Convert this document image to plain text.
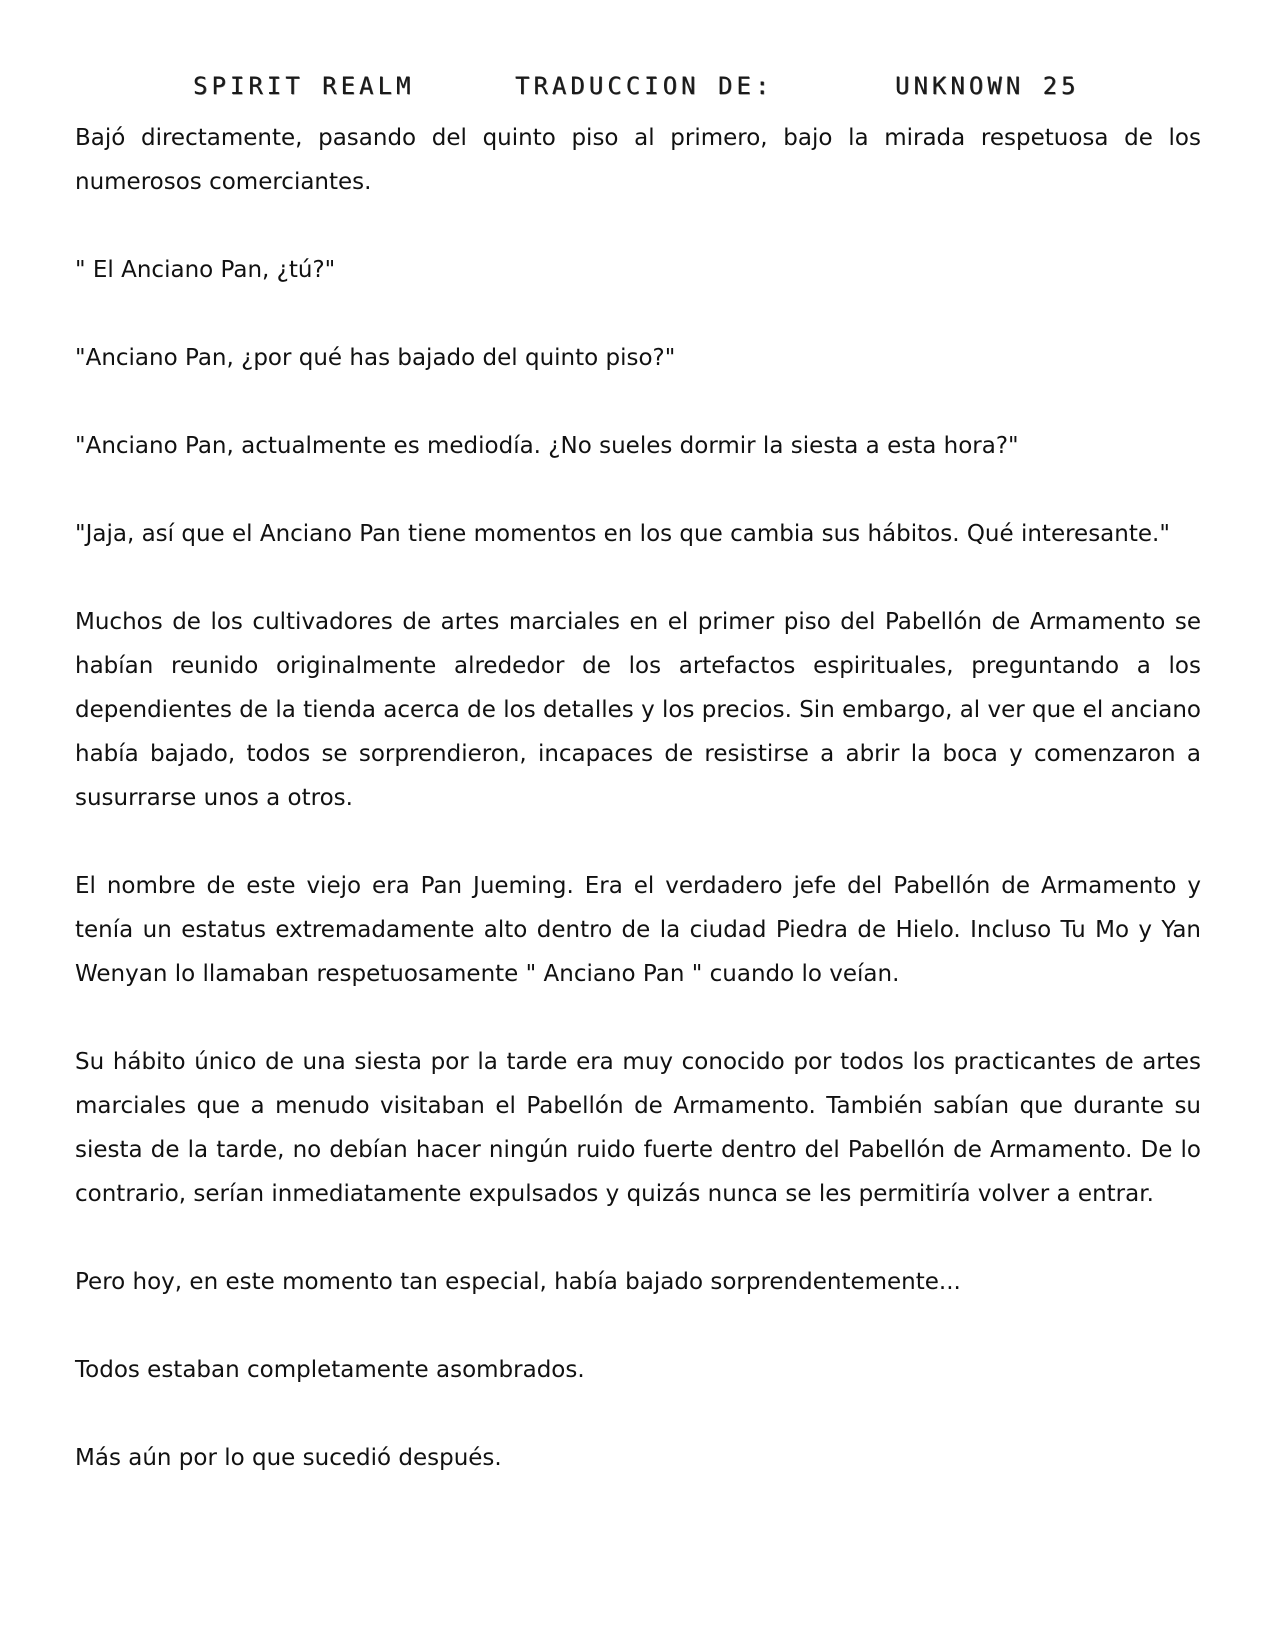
SPIRIT REALM	TRADUCCION DE:	UNKNOWN 25

Bajó directamente, pasando del quinto piso al primero, bajo la mirada respetuosa de los numerosos comerciantes.

" El Anciano Pan, ¿tú?"

"Anciano Pan, ¿por qué has bajado del quinto piso?"

"Anciano Pan, actualmente es mediodía. ¿No sueles dormir la siesta a esta hora?"

"Jaja, así que el Anciano Pan tiene momentos en los que cambia sus hábitos. Qué interesante."

Muchos de los cultivadores de artes marciales en el primer piso del Pabellón de Armamento se habían reunido originalmente alrededor de los artefactos espirituales, preguntando a los dependientes de la tienda acerca de los detalles y los precios. Sin embargo, al ver que el anciano había bajado, todos se sorprendieron, incapaces de resistirse a abrir la boca y comenzaron a susurrarse unos a otros.

El nombre de este viejo era Pan Jueming. Era el verdadero jefe del Pabellón de Armamento y tenía un estatus extremadamente alto dentro de la ciudad Piedra de Hielo. Incluso Tu Mo y Yan Wenyan lo llamaban respetuosamente " Anciano Pan " cuando lo veían.

Su hábito único de una siesta por la tarde era muy conocido por todos los practicantes de artes marciales que a menudo visitaban el Pabellón de Armamento. También sabían que durante su siesta de la tarde, no debían hacer ningún ruido fuerte dentro del Pabellón de Armamento. De lo contrario, serían inmediatamente expulsados y quizás nunca se les permitiría volver a entrar.

Pero hoy, en este momento tan especial, había bajado sorprendentemente...

Todos estaban completamente asombrados.

Más aún por lo que sucedió después.
